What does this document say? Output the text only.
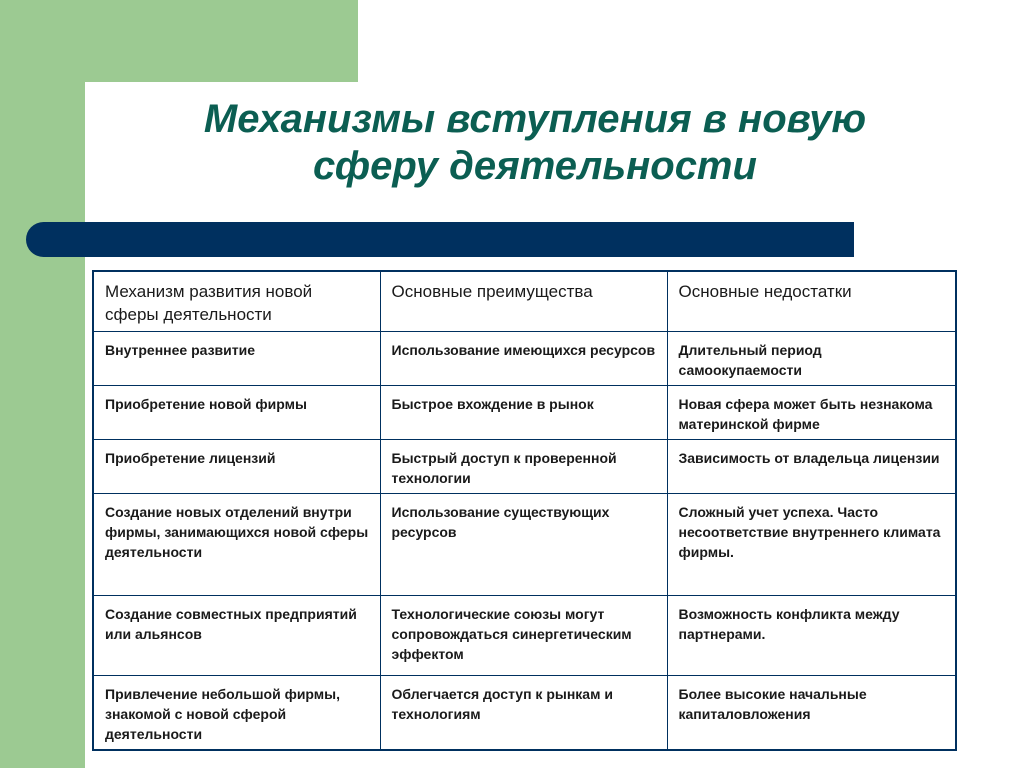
Механизмы вступления в новую
сферу деятельности
Механизм развития новой сферы деятельности	Основные преимущества	Основные недостатки
Внутреннее развитие	Использование имеющихся ресурсов	Длительный период самоокупаемости
Приобретение новой фирмы	Быстрое вхождение в рынок	Новая сфера может быть незнакома материнской фирме
Приобретение лицензий	Быстрый доступ к проверенной технологии	Зависимость от владельца лицензии
Создание новых отделений внутри фирмы, занимающихся новой сферы деятельности	Использование существующих ресурсов	Сложный учет успеха. Часто несоответствие внутреннего климата фирмы.
Создание совместных предприятий или альянсов	Технологические союзы могут сопровождаться синергетическим эффектом	Возможность конфликта между партнерами.
Привлечение небольшой фирмы, знакомой с новой сферой деятельности	Облегчается доступ к рынкам и технологиям	Более высокие начальные капиталовложения
